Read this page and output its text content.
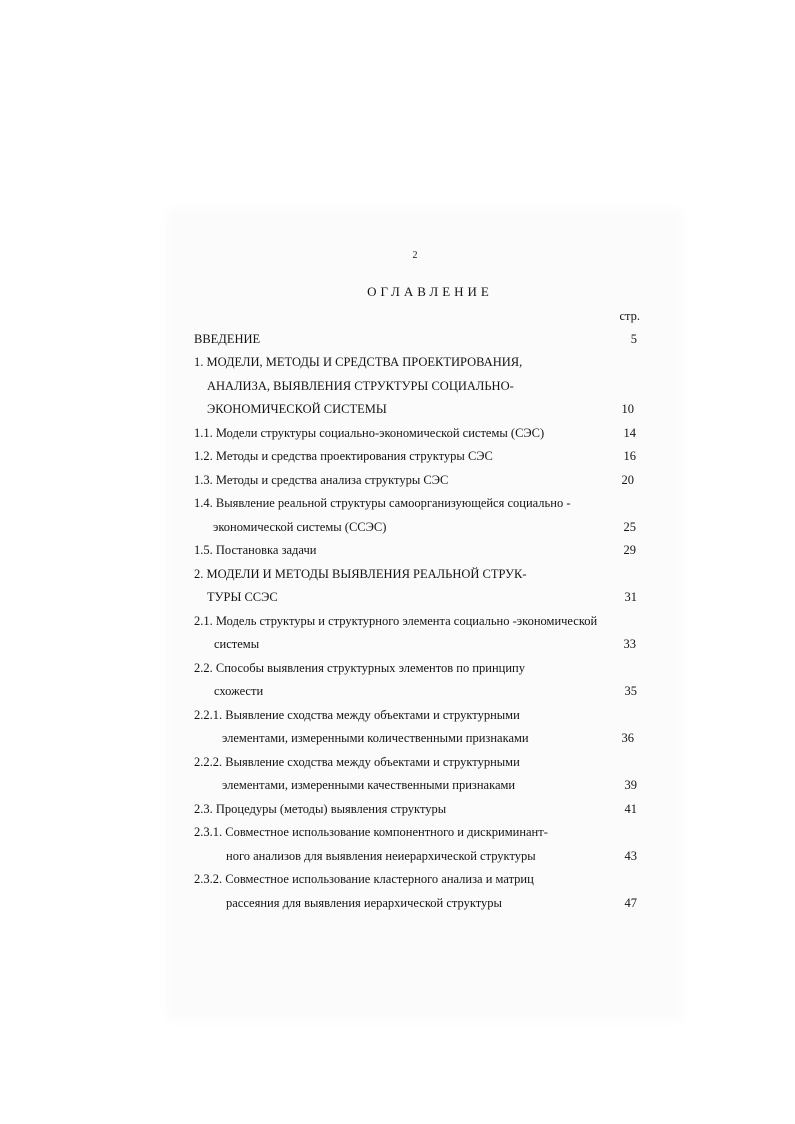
2
ОГЛАВЛЕНИЕ
стр.
ВВЕДЕНИЕ	5
1. МОДЕЛИ, МЕТОДЫ И СРЕДСТВА ПРОЕКТИРОВАНИЯ,
АНАЛИЗА, ВЫЯВЛЕНИЯ СТРУКТУРЫ СОЦИАЛЬНО-
ЭКОНОМИЧЕСКОЙ СИСТЕМЫ	10
1.1. Модели структуры социально-экономической системы (СЭС)	14
1.2. Методы и средства проектирования структуры СЭС	16
1.3. Методы и средства анализа структуры СЭС	20
1.4. Выявление реальной структуры самоорганизующейся социально -
экономической системы (ССЭС)	25
1.5. Постановка задачи	29
2. МОДЕЛИ И МЕТОДЫ ВЫЯВЛЕНИЯ РЕАЛЬНОЙ СТРУК-
ТУРЫ ССЭС	31
2.1. Модель структуры и структурного элемента социально -экономической
системы	33
2.2. Способы выявления структурных элементов по принципу
схожести	35
2.2.1. Выявление сходства между объектами и структурными
элементами, измеренными количественными признаками	36
2.2.2. Выявление сходства между объектами и структурными
элементами, измеренными качественными признаками	39
2.3. Процедуры (методы) выявления структуры	41
2.3.1. Совместное использование компонентного и дискриминант-
ного анализов для выявления неиерархической структуры	43
2.3.2. Совместное использование кластерного анализа и матриц
рассеяния для выявления иерархической структуры	47
